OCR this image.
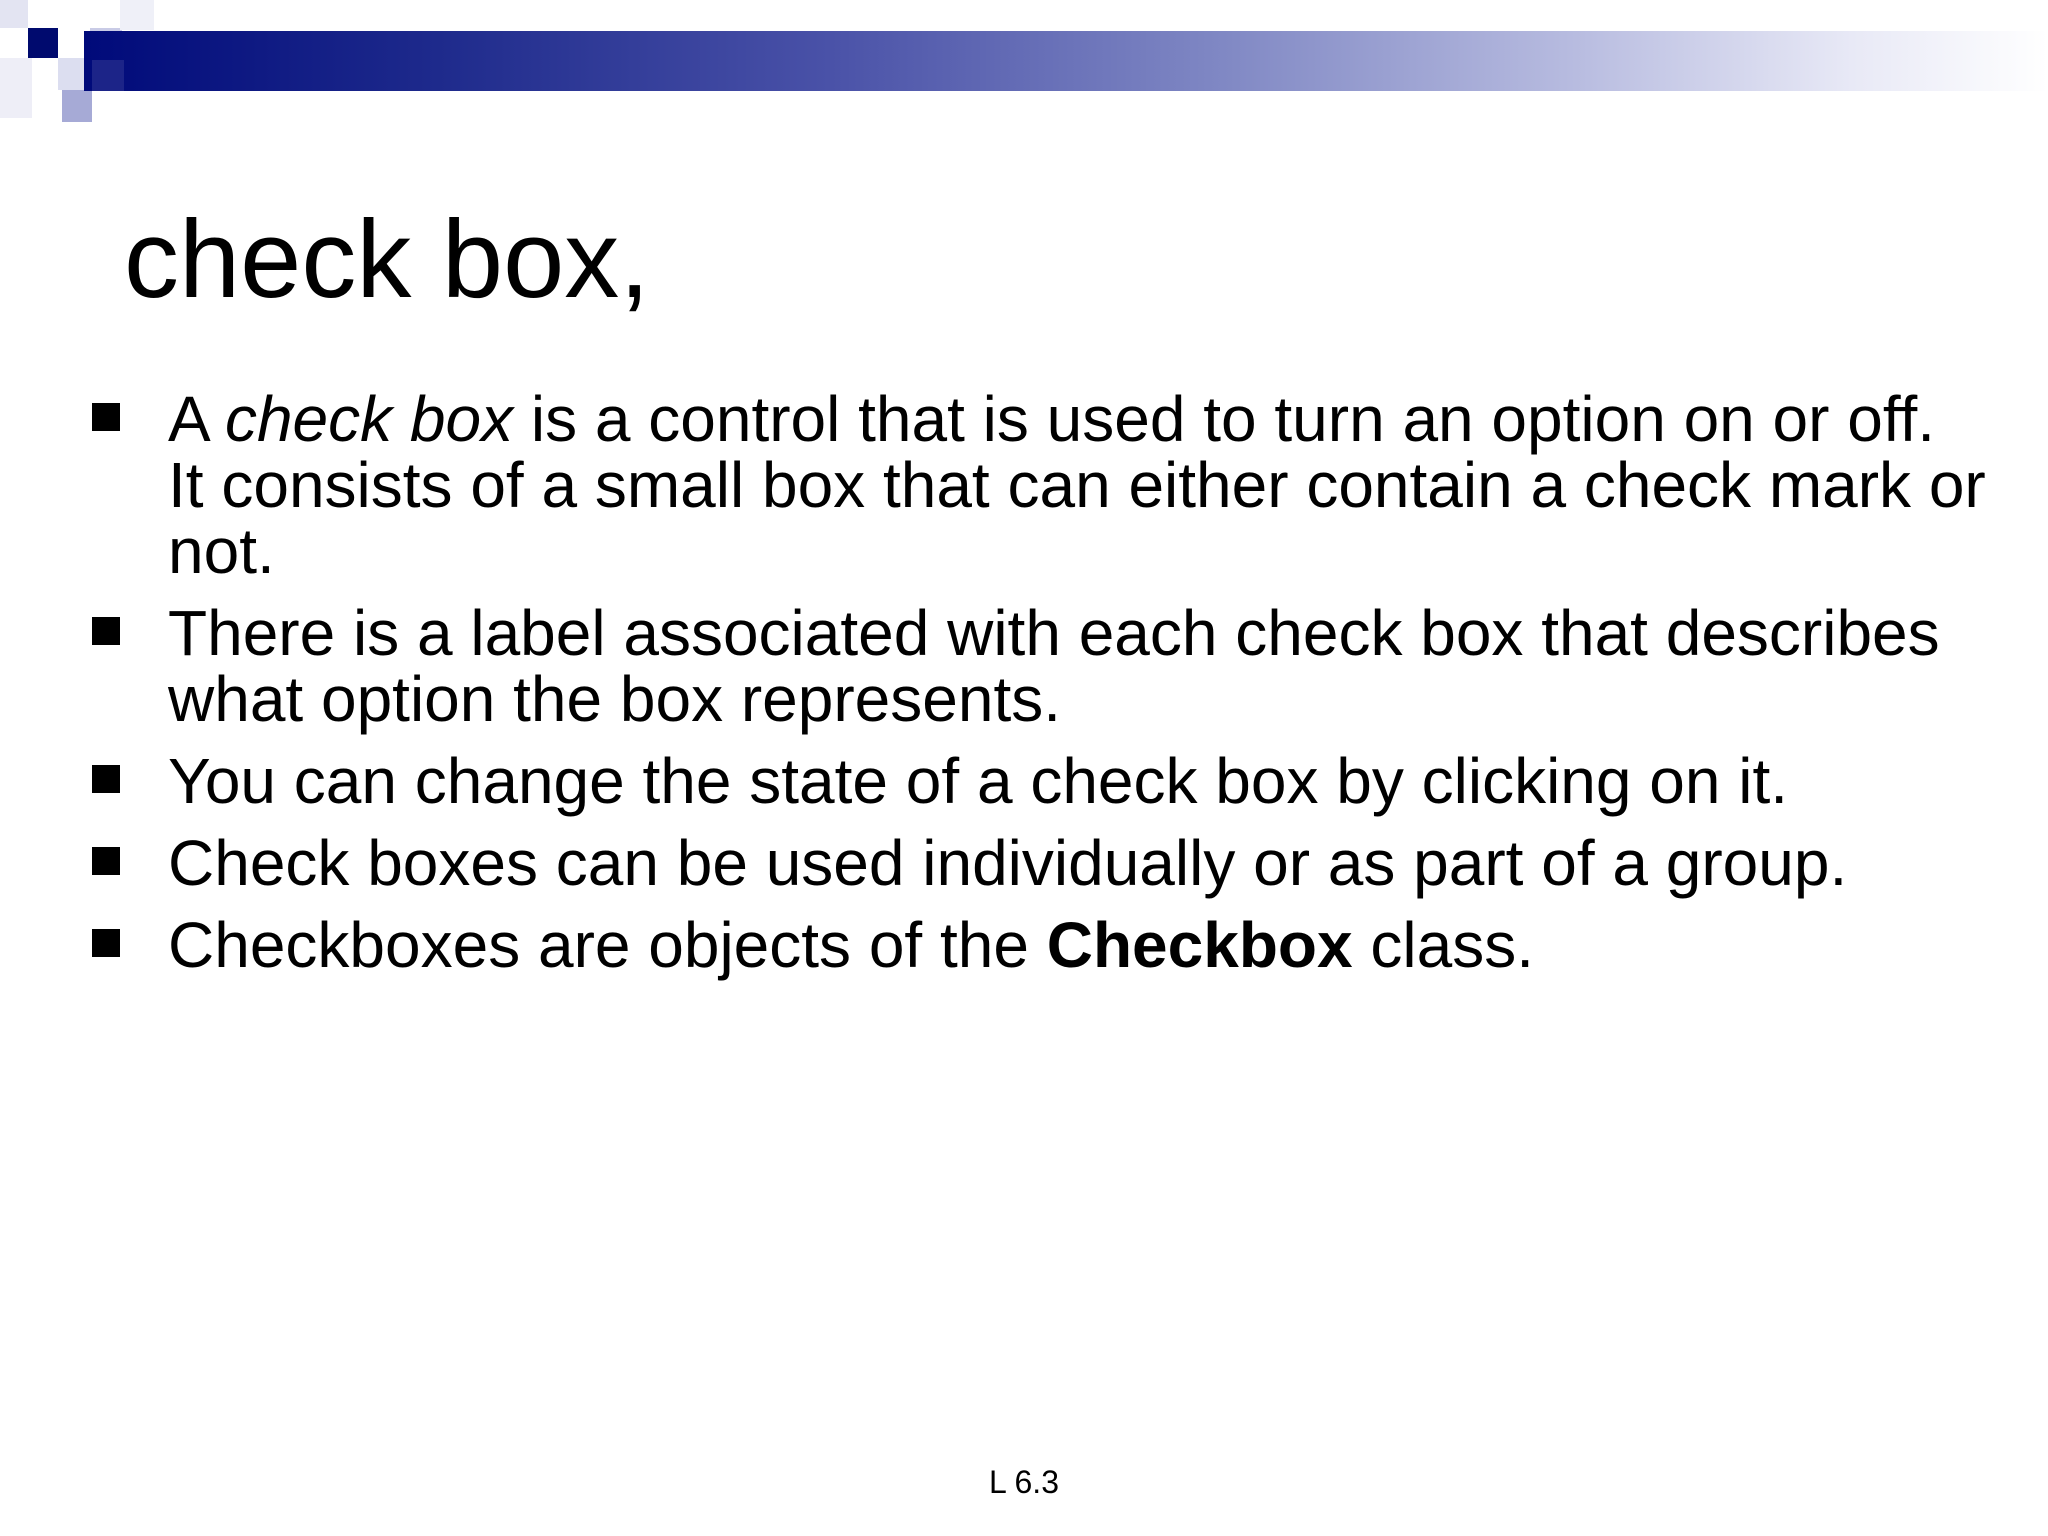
check box,
A check box is a control that is used to turn an option on or off. It consists of a small box that can either contain a check mark or not.
There is a label associated with each check box that describes what option the box represents.
You can change the state of a check box by clicking on it.
Check boxes can be used individually or as part of a group.
Checkboxes are objects of the Checkbox class.
L 6.3
